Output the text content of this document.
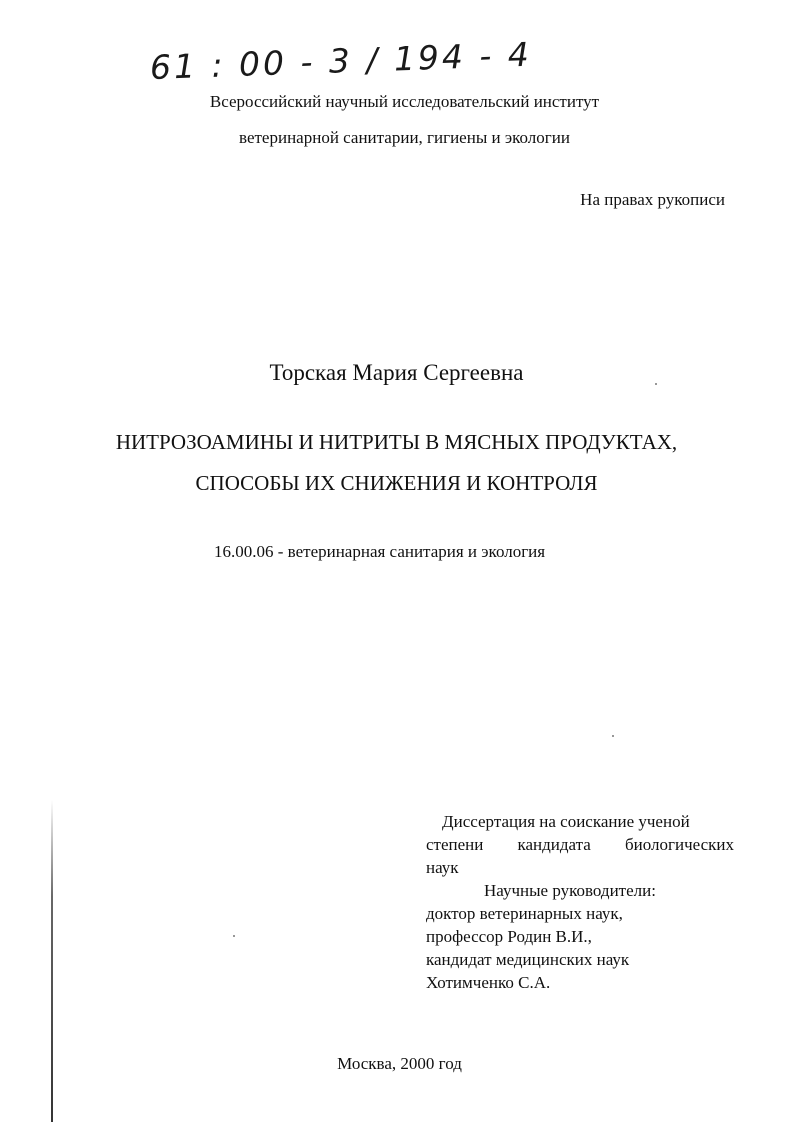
61 : 00 - 3 / 194 - 4
Всероссийский научный исследовательский институт
ветеринарной санитарии, гигиены и экологии
На правах рукописи
Торская Мария Сергеевна
НИТРОЗОАМИНЫ И НИТРИТЫ В МЯСНЫХ ПРОДУКТАХ,
СПОСОБЫ ИХ СНИЖЕНИЯ И КОНТРОЛЯ
16.00.06 - ветеринарная санитария и экология
Диссертация на соискание ученой
степени кандидата биологических
наук
Научные руководители:
доктор ветеринарных наук,
профессор Родин В.И.,
кандидат медицинских наук
Хотимченко С.А.
Москва, 2000 год
